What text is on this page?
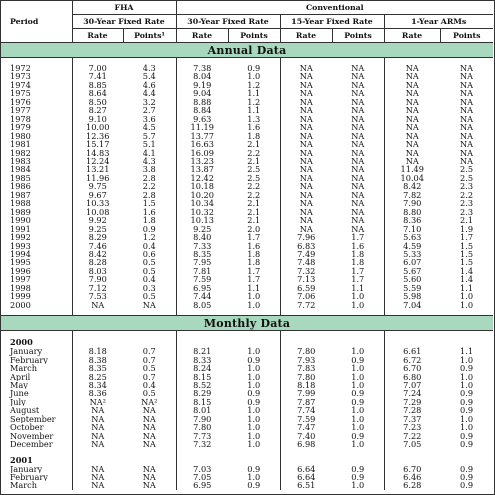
Period	FHA		Conventional					
	30-Year Fixed Rate		30-Year Fixed Rate		15-Year Fixed Rate		1-Year ARMs	
	Rate	Points¹	Rate	Points	Rate	Points	Rate	Points
Annual Data								

1972	7.00	4.3	7.38	0.9	NA	NA	NA	NA
1973	7.41	5.4	8.04	1.0	NA	NA	NA	NA
1974	8.85	4.6	9.19	1.2	NA	NA	NA	NA
1975	8.64	4.4	9.04	1.1	NA	NA	NA	NA
1976	8.50	3.2	8.88	1.2	NA	NA	NA	NA
1977	8.27	2.7	8.84	1.1	NA	NA	NA	NA
1978	9.10	3.6	9.63	1.3	NA	NA	NA	NA
1979	10.00	4.5	11.19	1.6	NA	NA	NA	NA
1980	12.36	5.7	13.77	1.8	NA	NA	NA	NA
1981	15.17	5.1	16.63	2.1	NA	NA	NA	NA
1982	14.83	4.1	16.09	2.2	NA	NA	NA	NA
1983	12.24	4.3	13.23	2.1	NA	NA	NA	NA
1984	13.21	3.8	13.87	2.5	NA	NA	11.49	2.5
1985	11.96	2.8	12.42	2.5	NA	NA	10.04	2.5
1986	9.75	2.2	10.18	2.2	NA	NA	8.42	2.3
1987	9.67	2.8	10.20	2.2	NA	NA	7.82	2.2
1988	10.33	1.5	10.34	2.1	NA	NA	7.90	2.3
1989	10.08	1.6	10.32	2.1	NA	NA	8.80	2.3
1990	9.92	1.8	10.13	2.1	NA	NA	8.36	2.1
1991	9.25	0.9	9.25	2.0	NA	NA	7.10	1.9
1992	8.29	1.2	8.40	1.7	7.96	1.7	5.63	1.7
1993	7.46	0.4	7.33	1.6	6.83	1.6	4.59	1.5
1994	8.42	0.6	8.35	1.8	7.49	1.8	5.33	1.5
1995	8.28	0.5	7.95	1.8	7.48	1.8	6.07	1.5
1996	8.03	0.5	7.81	1.7	7.32	1.7	5.67	1.4
1997	7.90	0.4	7.59	1.7	7.13	1.7	5.60	1.4
1998	7.12	0.3	6.95	1.1	6.59	1.1	5.59	1.1
1999	7.53	0.5	7.44	1.0	7.06	1.0	5.98	1.0
2000	NA	NA	8.05	1.0	7.72	1.0	7.04	1.0

Monthly Data								

2000								
January	8.18	0.7	8.21	1.0	7.80	1.0	6.61	1.1
February	8.38	0.7	8.33	0.9	7.93	0.9	6.72	1.0
March	8.35	0.5	8.24	1.0	7.83	1.0	6.70	0.9
April	8.25	0.7	8.15	1.0	7.80	1.0	6.80	1.0
May	8.34	0.4	8.52	1.0	8.18	1.0	7.07	1.0
June	8.36	0.5	8.29	0.9	7.99	0.9	7.24	0.9
July	NA²	NA²	8.15	0.9	7.87	0.9	7.29	0.9
August	NA	NA	8.01	1.0	7.74	1.0	7.28	0.9
September	NA	NA	7.90	1.0	7.59	1.0	7.37	1.0
October	NA	NA	7.80	1.0	7.47	1.0	7.23	1.0
November	NA	NA	7.73	1.0	7.40	0.9	7.22	0.9
December	NA	NA	7.32	1.0	6.98	1.0	7.05	0.9

2001								
January	NA	NA	7.03	0.9	6.64	0.9	6.70	0.9
February	NA	NA	7.05	1.0	6.64	0.9	6.46	0.9
March	NA	NA	6.95	0.9	6.51	1.0	6.28	0.9
